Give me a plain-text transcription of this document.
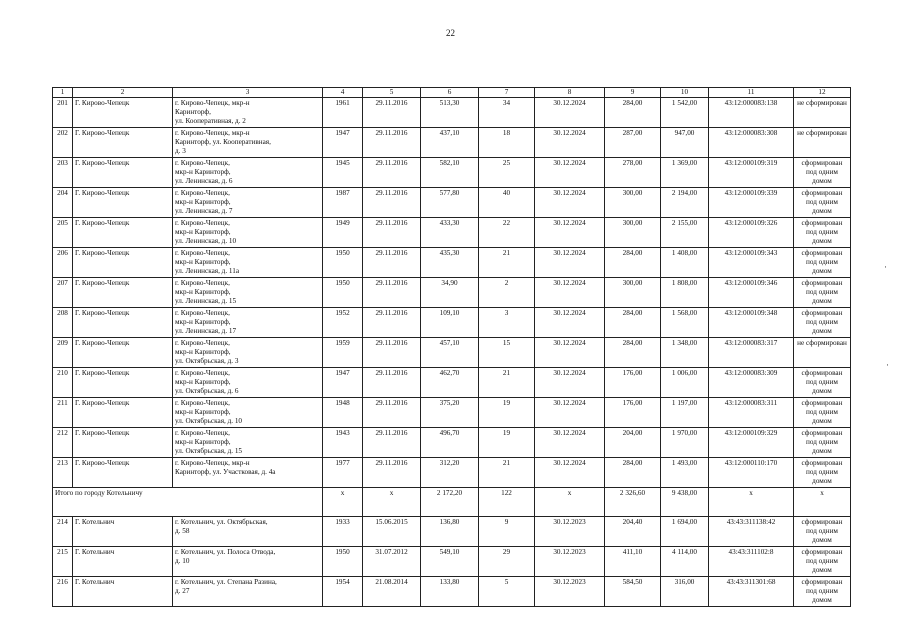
22
1	2	3	4	5	6	7	8	9	10	11	12
201	Г. Кирово-Чепецк	г. Кирово-Чепецк, мкр-н
Каринторф,
ул. Кооперативная, д. 2	1961	29.11.2016	513,30	34	30.12.2024	284,00	1 542,00	43:12:000083:138	не сформирован
202	Г. Кирово-Чепецк	г. Кирово-Чепецк, мкр-н
Каринторф, ул. Кооперативная,
д. 3	1947	29.11.2016	437,10	18	30.12.2024	287,00	947,00	43:12:000083:308	не сформирован
203	Г. Кирово-Чепецк	г. Кирово-Чепецк,
мкр-н Каринторф,
ул. Ленинская, д. 6	1945	29.11.2016	582,10	25	30.12.2024	278,00	1 369,00	43:12:000109:319	сформирован под одним домом
204	Г. Кирово-Чепецк	г. Кирово-Чепецк,
мкр-н Каринторф,
ул. Ленинская, д. 7	1987	29.11.2016	577,80	40	30.12.2024	300,00	2 194,00	43:12:000109:339	сформирован под одним домом
205	Г. Кирово-Чепецк	г. Кирово-Чепецк,
мкр-н Каринторф,
ул. Ленинская, д. 10	1949	29.11.2016	433,30	22	30.12.2024	300,00	2 155,00	43:12:000109:326	сформирован под одним домом
206	Г. Кирово-Чепецк	г. Кирово-Чепецк,
мкр-н Каринторф,
ул. Ленинская, д. 11а	1950	29.11.2016	435,30	21	30.12.2024	284,00	1 408,00	43:12:000109:343	сформирован под одним домом
207	Г. Кирово-Чепецк	г. Кирово-Чепецк,
мкр-н Каринторф,
ул. Ленинская, д. 15	1950	29.11.2016	34,90	2	30.12.2024	300,00	1 808,00	43:12:000109:346	сформирован под одним домом
208	Г. Кирово-Чепецк	г. Кирово-Чепецк,
мкр-н Каринторф,
ул. Ленинская, д. 17	1952	29.11.2016	109,10	3	30.12.2024	284,00	1 568,00	43:12:000109:348	сформирован под одним домом
209	Г. Кирово-Чепецк	г. Кирово-Чепецк,
мкр-н Каринторф,
ул. Октябрьская, д. 3	1959	29.11.2016	457,10	15	30.12.2024	284,00	1 348,00	43:12:000083:317	не сформирован
210	Г. Кирово-Чепецк	г. Кирово-Чепецк,
мкр-н Каринторф,
ул. Октябрьская, д. 6	1947	29.11.2016	462,70	21	30.12.2024	176,00	1 006,00	43:12:000083:309	сформирован под одним домом
211	Г. Кирово-Чепецк	г. Кирово-Чепецк,
мкр-н Каринторф,
ул. Октябрьская, д. 10	1948	29.11.2016	375,20	19	30.12.2024	176,00	1 197,00	43:12:000083:311	сформирован под одним домом
212	Г. Кирово-Чепецк	г. Кирово-Чепецк,
мкр-н Каринторф,
ул. Октябрьская, д. 15	1943	29.11.2016	496,70	19	30.12.2024	204,00	1 970,00	43:12:000109:329	сформирован под одним домом
213	Г. Кирово-Чепецк	г. Кирово-Чепецк, мкр-н
Каринторф, ул. Участковая, д. 4а	1977	29.11.2016	312,20	21	30.12.2024	284,00	1 493,00	43:12:000110:170	сформирован под одним домом
Итого по городу Котельничу			х	х	2 172,20	122	х	2 326,60	9 438,00	х	х
214	Г. Котельнич	г. Котельнич, ул. Октябрьская,
д. 58	1933	15.06.2015	136,80	9	30.12.2023	204,40	1 694,00	43:43:311138:42	сформирован под одним домом
215	Г. Котельнич	г. Котельнич, ул. Полоса Отвода,
д. 10	1950	31.07.2012	549,10	29	30.12.2023	411,10	4 114,00	43:43:311102:8	сформирован под одним домом
216	Г. Котельнич	г. Котельнич, ул. Степана Разина,
д. 27	1954	21.08.2014	133,80	5	30.12.2023	584,50	316,00	43:43:311301:68	сформирован под одним домом
·
·
